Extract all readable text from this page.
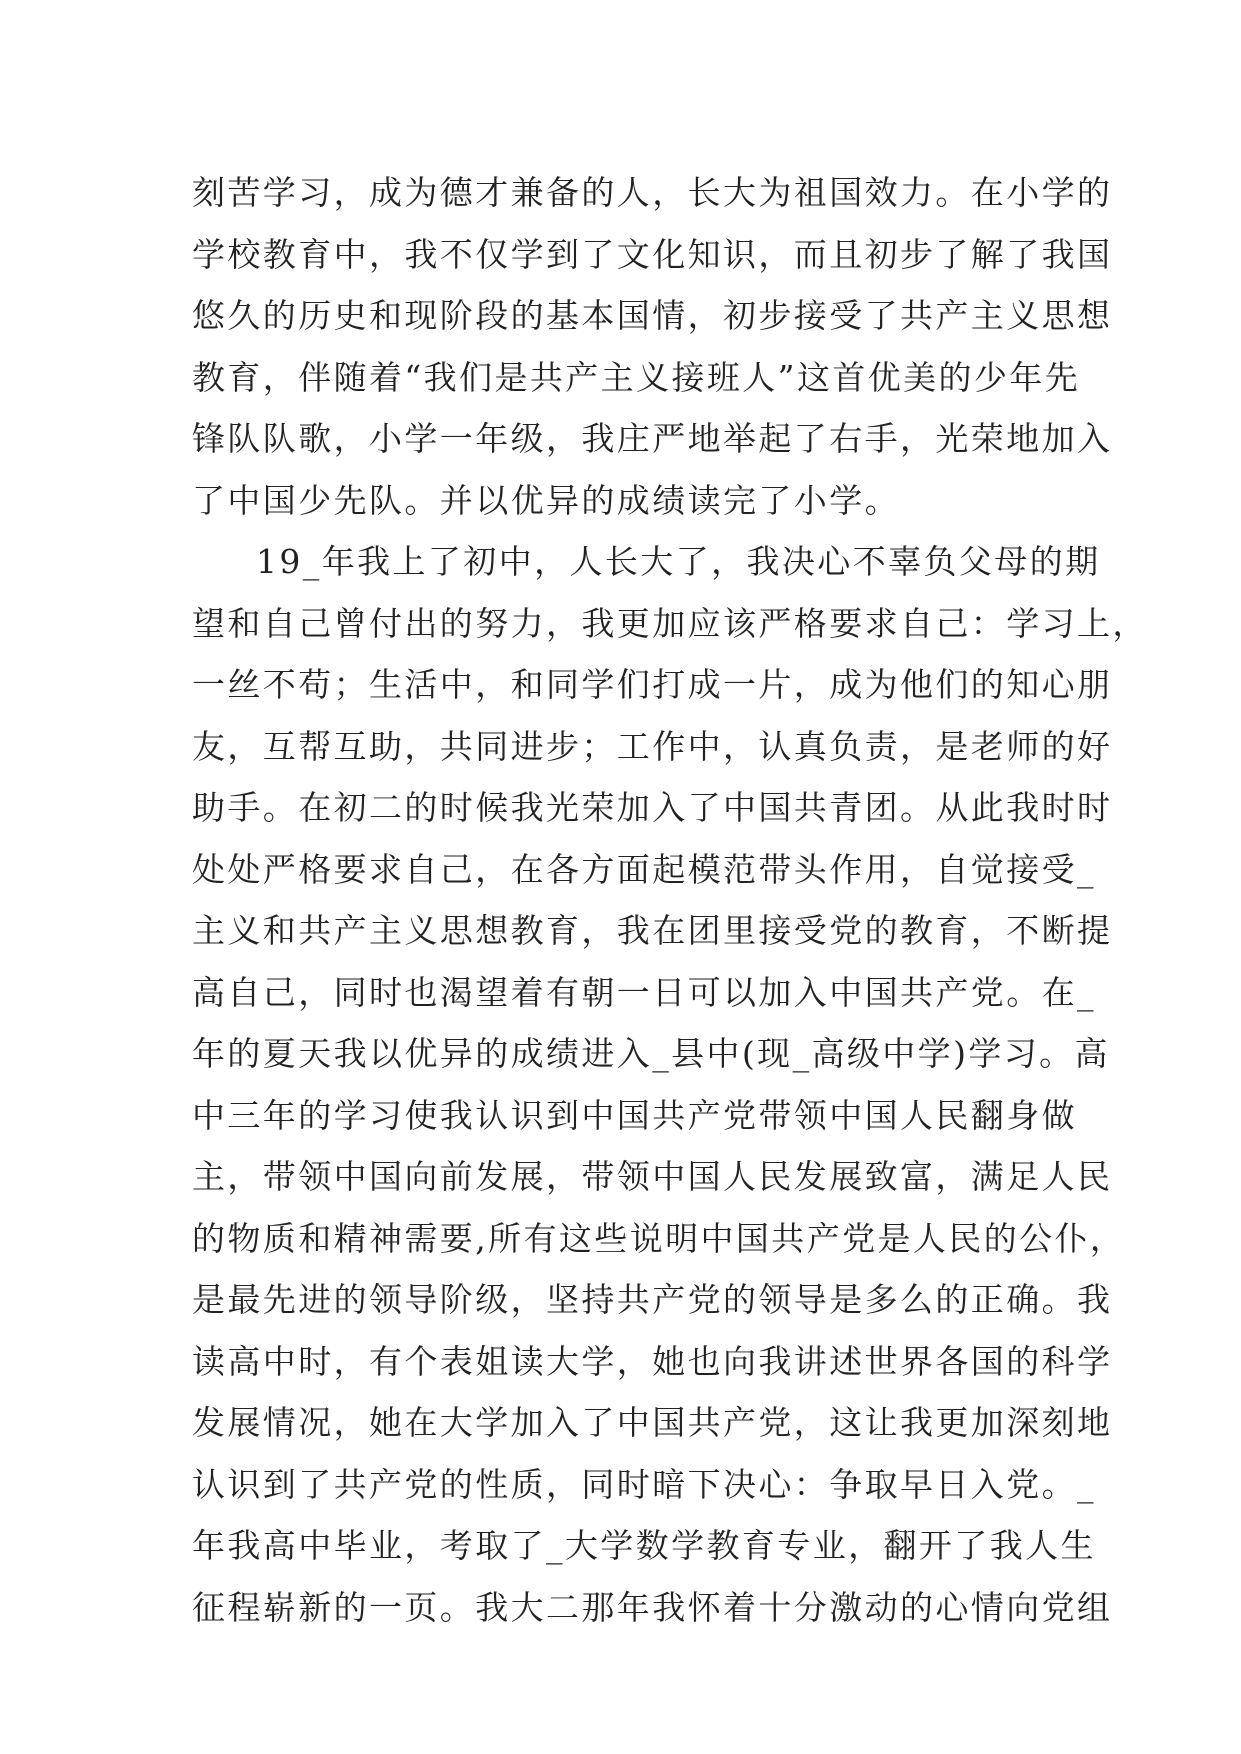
刻苦学习，成为德才兼备的人，长大为祖国效力。在小学的
学校教育中，我不仅学到了文化知识，而且初步了解了我国
悠久的历史和现阶段的基本国情，初步接受了共产主义思想
教育，伴随着“我们是共产主义接班人”这首优美的少年先
锋队队歌，小学一年级，我庄严地举起了右手，光荣地加入
了中国少先队。并以优异的成绩读完了小学。
19_年我上了初中，人长大了，我决心不辜负父母的期
望和自己曾付出的努力，我更加应该严格要求自己：学习上，
一丝不苟；生活中，和同学们打成一片，成为他们的知心朋
友，互帮互助，共同进步；工作中，认真负责，是老师的好
助手。在初二的时候我光荣加入了中国共青团。从此我时时
处处严格要求自己，在各方面起模范带头作用，自觉接受_
主义和共产主义思想教育，我在团里接受党的教育，不断提
高自己，同时也渴望着有朝一日可以加入中国共产党。在_
年的夏天我以优异的成绩进入_县中(现_高级中学)学习。高
中三年的学习使我认识到中国共产党带领中国人民翻身做
主，带领中国向前发展，带领中国人民发展致富，满足人民
的物质和精神需要,所有这些说明中国共产党是人民的公仆，
是最先进的领导阶级，坚持共产党的领导是多么的正确。我
读高中时，有个表姐读大学，她也向我讲述世界各国的科学
发展情况，她在大学加入了中国共产党，这让我更加深刻地
认识到了共产党的性质，同时暗下决心：争取早日入党。_
年我高中毕业，考取了_大学数学教育专业，翻开了我人生
征程崭新的一页。我大二那年我怀着十分激动的心情向党组
